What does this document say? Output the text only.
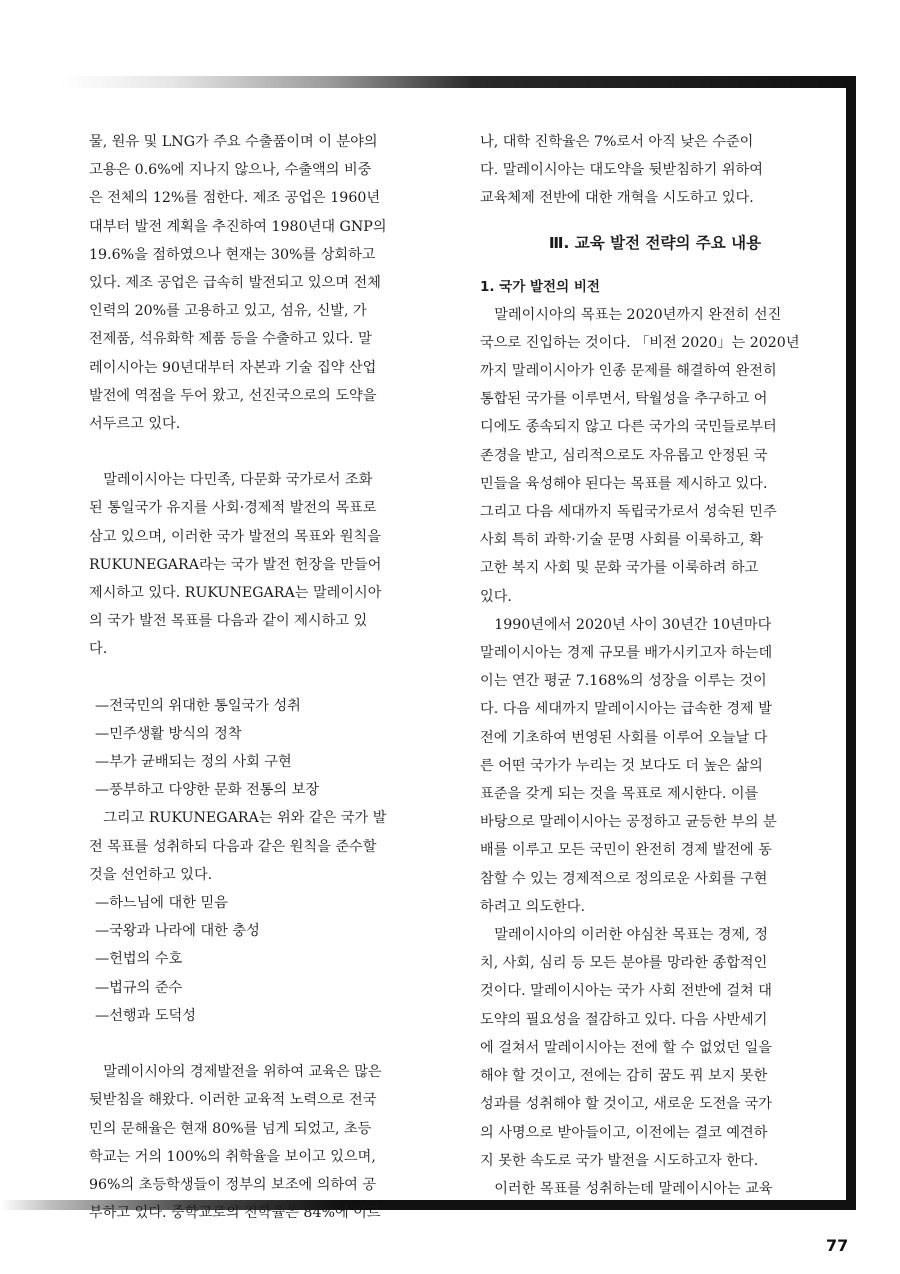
물, 원유 및 LNG가 주요 수출품이며 이 분야의
고용은 0.6%에 지나지 않으나, 수출액의 비중
은 전체의 12%를 점한다. 제조 공업은 1960년
대부터 발전 계획을 추진하여 1980년대 GNP의
19.6%을 점하였으나 현재는 30%를 상회하고
있다. 제조 공업은 급속히 발전되고 있으며 전체
인력의 20%를 고용하고 있고, 섬유, 신발, 가
전제품, 석유화학 제품 등을 수출하고 있다. 말
레이시아는 90년대부터 자본과 기술 집약 산업
발전에 역점을 두어 왔고, 선진국으로의 도약을
서두르고 있다.

말레이시아는 다민족, 다문화 국가로서 조화
된 통일국가 유지를 사회·경제적 발전의 목표로
삼고 있으며, 이러한 국가 발전의 목표와 원칙을
RUKUNEGARA라는 국가 발전 헌장을 만들어
제시하고 있다. RUKUNEGARA는 말레이시아
의 국가 발전 목표를 다음과 같이 제시하고 있
다.

—전국민의 위대한 통일국가 성취
—민주생활 방식의 정착
—부가 균배되는 정의 사회 구현
—풍부하고 다양한 문화 전통의 보장

그리고 RUKUNEGARA는 위와 같은 국가 발
전 목표를 성취하되 다음과 같은 원칙을 준수할
것을 선언하고 있다.

—하느님에 대한 믿음
—국왕과 나라에 대한 충성
—헌법의 수호
—법규의 준수
—선행과 도덕성

말레이시아의 경제발전을 위하여 교육은 많은
뒷받침을 해왔다. 이러한 교육적 노력으로 전국
민의 문해율은 현재 80%를 넘게 되었고, 초등
학교는 거의 100%의 취학율을 보이고 있으며,
96%의 초등학생들이 정부의 보조에 의하여 공
부하고 있다. 중학교로의 진학율은 84%에 이르

나, 대학 진학율은 7%로서 아직 낮은 수준이
다. 말레이시아는 대도약을 뒷받침하기 위하여
교육체제 전반에 대한 개혁을 시도하고 있다.

Ⅲ. 교육 발전 전략의 주요 내용
1. 국가 발전의 비전

말레이시아의 목표는 2020년까지 완전히 선진
국으로 진입하는 것이다. 「비전 2020」는 2020년
까지 말레이시아가 인종 문제를 해결하여 완전히
통합된 국가를 이루면서, 탁월성을 추구하고 어
디에도 종속되지 않고 다른 국가의 국민들로부터
존경을 받고, 심리적으로도 자유롭고 안정된 국
민들을 육성해야 된다는 목표를 제시하고 있다.
그리고 다음 세대까지 독립국가로서 성숙된 민주
사회 특히 과학·기술 문명 사회를 이룩하고, 확
고한 복지 사회 및 문화 국가를 이룩하려 하고
있다.

1990년에서 2020년 사이 30년간 10년마다
말레이시아는 경제 규모를 배가시키고자 하는데
이는 연간 평균 7.168%의 성장을 이루는 것이
다. 다음 세대까지 말레이시아는 급속한 경제 발
전에 기초하여 번영된 사회를 이루어 오늘날 다
른 어떤 국가가 누리는 것 보다도 더 높은 삶의
표준을 갖게 되는 것을 목표로 제시한다. 이를
바탕으로 말레이시아는 공정하고 균등한 부의 분
배를 이루고 모든 국민이 완전히 경제 발전에 동
참할 수 있는 경제적으로 정의로운 사회를 구현
하려고 의도한다.

말레이시아의 이러한 야심찬 목표는 경제, 정
치, 사회, 심리 등 모든 분야를 망라한 종합적인
것이다. 말레이시아는 국가 사회 전반에 걸쳐 대
도약의 필요성을 절감하고 있다. 다음 사반세기
에 걸쳐서 말레이시아는 전에 할 수 없었던 일을
해야 할 것이고, 전에는 감히 꿈도 꿔 보지 못한
성과를 성취해야 할 것이고, 새로운 도전을 국가
의 사명으로 받아들이고, 이전에는 결코 예견하
지 못한 속도로 국가 발전을 시도하고자 한다.

이러한 목표를 성취하는데 말레이시아는 교육

77
